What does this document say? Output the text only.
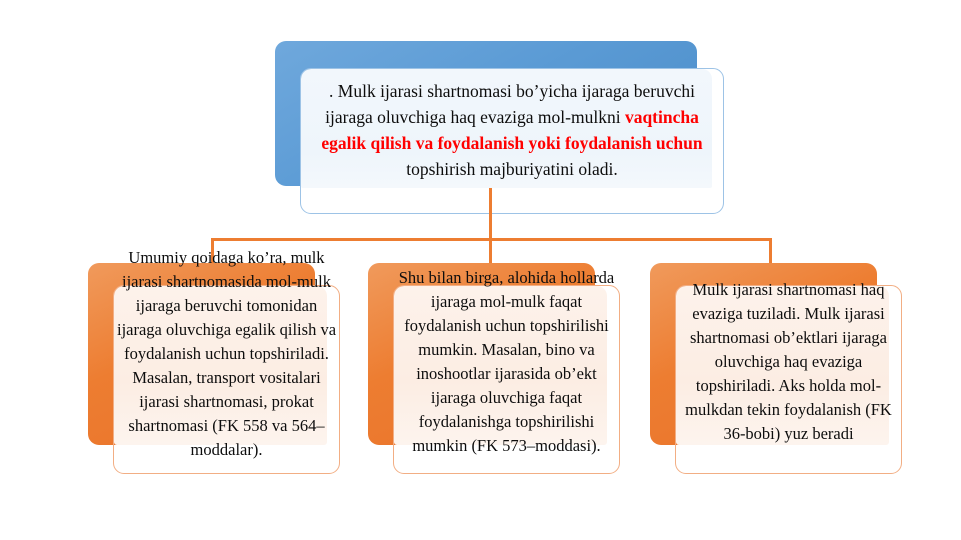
. Mulk ijarasi shartnomasi bo’yicha ijaraga beruvchi ijaraga oluvchiga haq evaziga mol-mulkni vaqtincha egalik qilish va foydalanish yoki foydalanish uchun topshirish majburiyatini oladi.
Umumiy qoidaga ko’ra, mulk ijarasi shartnomasida mol-mulk ijaraga beruvchi tomonidan ijaraga oluvchiga egalik qilish va foydalanish uchun topshiriladi. Masalan, transport vositalari ijarasi shartnomasi, prokat shartnomasi (FK 558 va 564–moddalar).
Shu bilan birga, alohida hollarda ijaraga mol-mulk faqat foydalanish uchun topshirilishi mumkin. Masalan, bino va inoshootlar ijarasida ob’ekt ijaraga oluvchiga faqat foydalanishga topshirilishi mumkin (FK 573–moddasi).
Mulk ijarasi shartnomasi haq evaziga tuziladi. Mulk ijarasi shartnomasi ob’ektlari ijaraga oluvchiga haq evaziga topshiriladi. Aks holda mol-mulkdan tekin foydalanish (FK 36-bobi) yuz beradi
